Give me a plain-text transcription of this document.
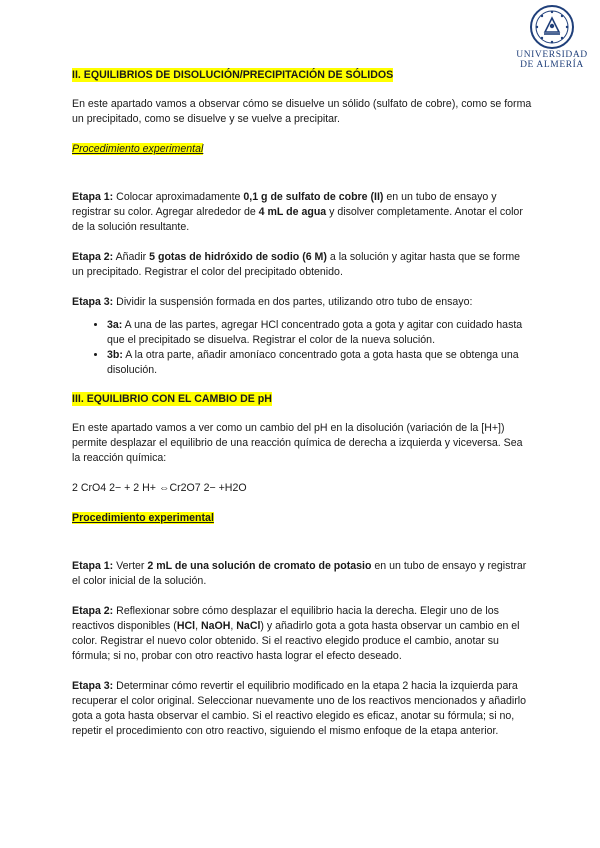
UNIVERSIDAD
DE ALMERÍA
II. EQUILIBRIOS DE DISOLUCIÓN/PRECIPITACIÓN DE SÓLIDOS

En este apartado vamos a observar cómo se disuelve un sólido (sulfato de cobre), como se forma un precipitado, como se disuelve y se vuelve a precipitar.

Procedimiento experimental

Etapa 1: Colocar aproximadamente 0,1 g de sulfato de cobre (II) en un tubo de ensayo y registrar su color. Agregar alrededor de 4 mL de agua y disolver completamente. Anotar el color de la solución resultante.

Etapa 2: Añadir 5 gotas de hidróxido de sodio (6 M) a la solución y agitar hasta que se forme un precipitado. Registrar el color del precipitado obtenido.

Etapa 3: Dividir la suspensión formada en dos partes, utilizando otro tubo de ensayo:

• 3a: A una de las partes, agregar HCl concentrado gota a gota y agitar con cuidado hasta que el precipitado se disuelva. Registrar el color de la nueva solución.
• 3b: A la otra parte, añadir amoníaco concentrado gota a gota hasta que se obtenga una disolución.
III. EQUILIBRIO CON EL CAMBIO DE pH

En este apartado vamos a ver como un cambio del pH en la disolución (variación de la [H+]) permite desplazar el equilibrio de una reacción química de derecha a izquierda y viceversa. Sea la reacción química:

2 CrO4 2− + 2 H+ ⇔Cr2O7 2− +H2O

Procedimiento experimental

Etapa 1: Verter 2 mL de una solución de cromato de potasio en un tubo de ensayo y registrar el color inicial de la solución.

Etapa 2: Reflexionar sobre cómo desplazar el equilibrio hacia la derecha. Elegir uno de los reactivos disponibles (HCl, NaOH, NaCl) y añadirlo gota a gota hasta observar un cambio en el color. Registrar el nuevo color obtenido. Si el reactivo elegido produce el cambio, anotar su fórmula; si no, probar con otro reactivo hasta lograr el efecto deseado.

Etapa 3: Determinar cómo revertir el equilibrio modificado en la etapa 2 hacia la izquierda para recuperar el color original. Seleccionar nuevamente uno de los reactivos mencionados y añadirlo gota a gota hasta observar el cambio. Si el reactivo elegido es eficaz, anotar su fórmula; si no, repetir el procedimiento con otro reactivo, siguiendo el mismo enfoque de la etapa anterior.
